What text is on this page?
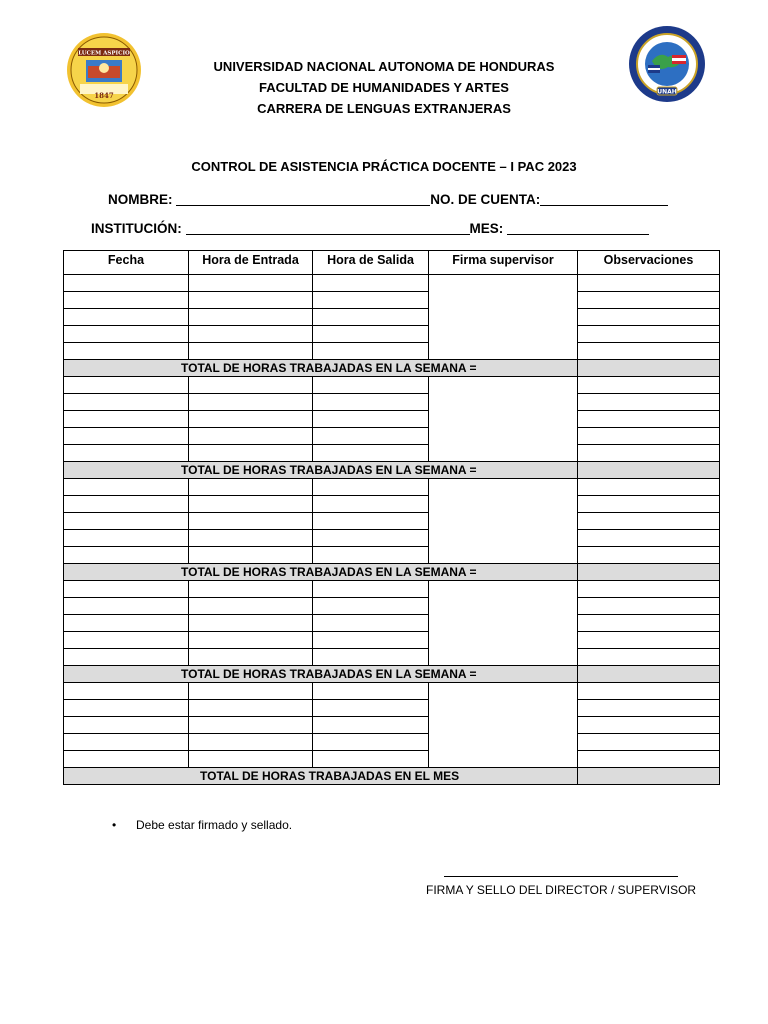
LUCEM ASPICIO
1847	UNAH
UNIVERSIDAD NACIONAL AUTONOMA DE HONDURAS
FACULTAD DE HUMANIDADES Y ARTES
CARRERA DE LENGUAS EXTRANJERAS
CONTROL DE ASISTENCIA PRÁCTICA DOCENTE – I PAC 2023
NOMBRE:	NO. DE CUENTA:
INSTITUCIÓN:	MES:
Fecha	Hora de Entrada	Hora de Salida	Firma supervisor	Observaciones

TOTAL DE HORAS TRABAJADAS EN LA SEMANA =				

TOTAL DE HORAS TRABAJADAS EN LA SEMANA =				

TOTAL DE HORAS TRABAJADAS EN LA SEMANA =				

TOTAL DE HORAS TRABAJADAS EN LA SEMANA =				

TOTAL DE HORAS TRABAJADAS EN EL MES				
• Debe estar firmado y sellado.
FIRMA Y SELLO DEL DIRECTOR / SUPERVISOR
